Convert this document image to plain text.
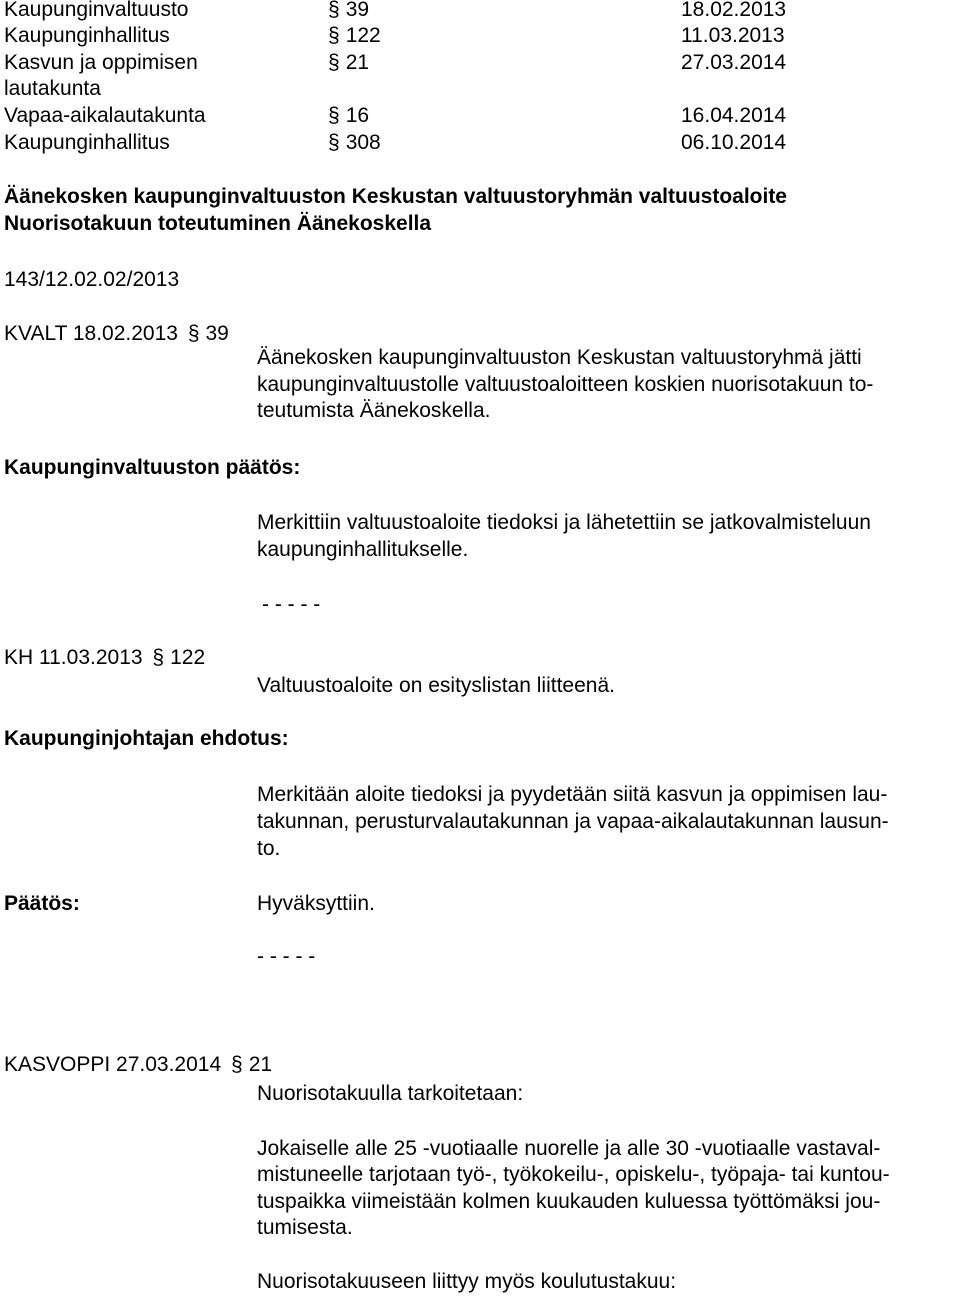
Kaupunginvaltuusto	§ 39	18.02.2013
Kaupunginhallitus	§ 122	11.03.2013
Kasvun ja oppimisen	§ 21	27.03.2014
lautakunta
Vapaa-aikalautakunta	§ 16	16.04.2014
Kaupunginhallitus	§ 308	06.10.2014
Äänekosken kaupunginvaltuuston Keskustan valtuustoryhmän valtuustoaloite
Nuorisotakuun toteutuminen Äänekoskella
143/12.02.02/2013
KVALT 18.02.2013 § 39
Äänekosken kaupunginvaltuuston Keskustan valtuustoryhmä jätti
kaupunginvaltuustolle valtuustoaloitteen koskien nuorisotakuun to-
teutumista Äänekoskella.
Kaupunginvaltuuston päätös:
Merkittiin valtuustoaloite tiedoksi ja lähetettiin se jatkovalmisteluun
kaupunginhallitukselle.
- - - - -
KH 11.03.2013 § 122
Valtuustoaloite on esityslistan liitteenä.
Kaupunginjohtajan ehdotus:
Merkitään aloite tiedoksi ja pyydetään siitä kasvun ja oppimisen lau-
takunnan, perusturvalautakunnan ja vapaa-aikalautakunnan lausun-
to.
Päätös:	Hyväksyttiin.
- - - - -
KASVOPPI 27.03.2014 § 21
Nuorisotakuulla tarkoitetaan:
Jokaiselle alle 25 -vuotiaalle nuorelle ja alle 30 -vuotiaalle vastaval-
mistuneelle tarjotaan työ-, työkokeilu-, opiskelu-, työpaja- tai kuntou-
tuspaikka viimeistään kolmen kuukauden kuluessa työttömäksi jou-
tumisesta.
Nuorisotakuuseen liittyy myös koulutustakuu:
